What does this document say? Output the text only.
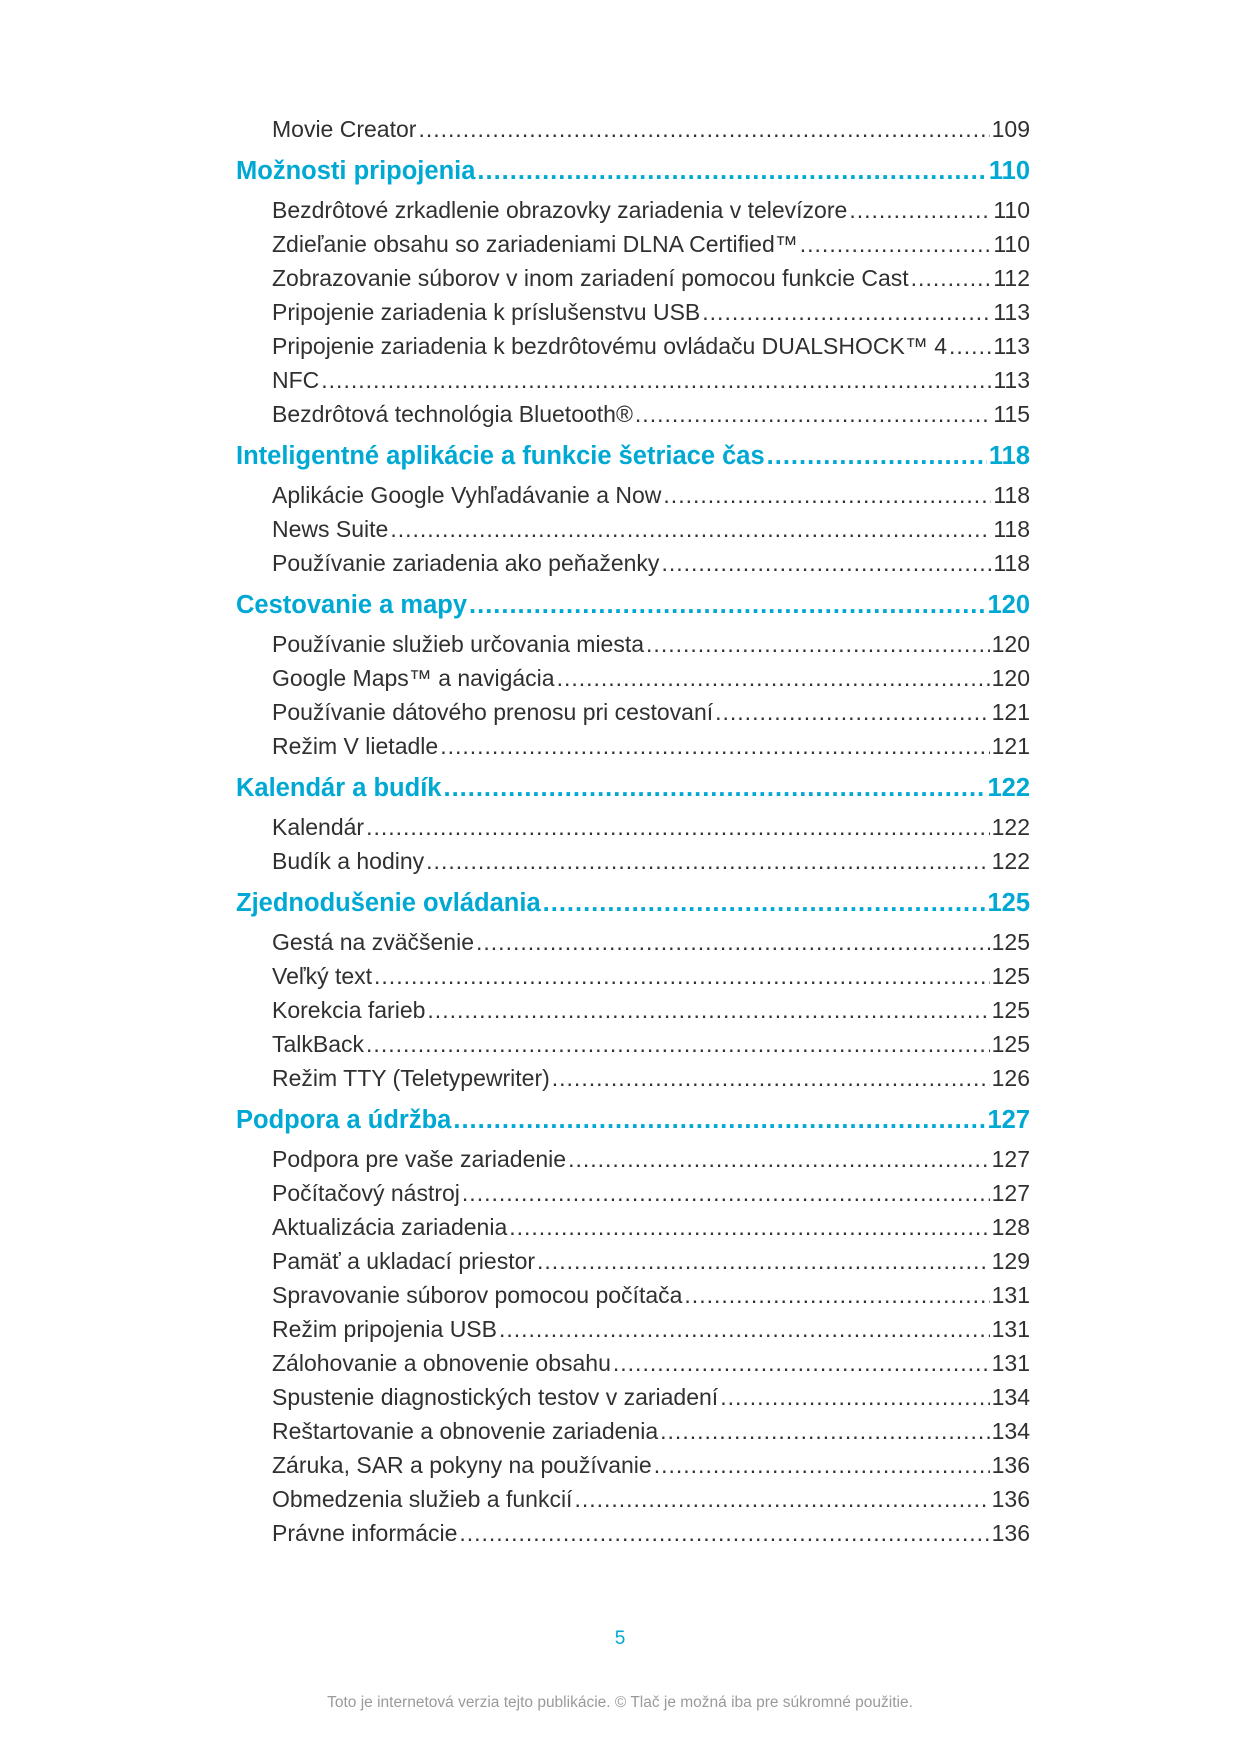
Movie Creator .....	109
Možnosti pripojenia .....	110
Bezdrôtové zrkadlenie obrazovky zariadenia v televízore .....	110
Zdieľanie obsahu so zariadeniami DLNA Certified™ .....	110
Zobrazovanie súborov v inom zariadení pomocou funkcie Cast .....	112
Pripojenie zariadenia k príslušenstvu USB .....	113
Pripojenie zariadenia k bezdrôtovému ovládaču DUALSHOCK™ 4 ..... 113
NFC .....	113
Bezdrôtová technológia Bluetooth® .....	115
Inteligentné aplikácie a funkcie šetriace čas .....	118
Aplikácie Google Vyhľadávanie a Now .....	118
News Suite .....	118
Používanie zariadenia ako peňaženky .....	118
Cestovanie a mapy .....	120
Používanie služieb určovania miesta .....	120
Google Maps™ a navigácia .....	120
Používanie dátového prenosu pri cestovaní .....	121
Režim V lietadle .....	121
Kalendár a budík .....	122
Kalendár .....	122
Budík a hodiny .....	122
Zjednodušenie ovládania .....	125
Gestá na zväčšenie .....	125
Veľký text .....	125
Korekcia farieb .....	125
TalkBack .....	125
Režim TTY (Teletypewriter) .....	126
Podpora a údržba .....	127
Podpora pre vaše zariadenie .....	127
Počítačový nástroj .....	127
Aktualizácia zariadenia .....	128
Pamäť a ukladací priestor .....	129
Spravovanie súborov pomocou počítača .....	131
Režim pripojenia USB .....	131
Zálohovanie a obnovenie obsahu .....	131
Spustenie diagnostických testov v zariadení .....	134
Reštartovanie a obnovenie zariadenia .....	134
Záruka, SAR a pokyny na používanie .....	136
Obmedzenia služieb a funkcií .....	136
Právne informácie .....	136
5
Toto je internetová verzia tejto publikácie. © Tlač je možná iba pre súkromné použitie.
